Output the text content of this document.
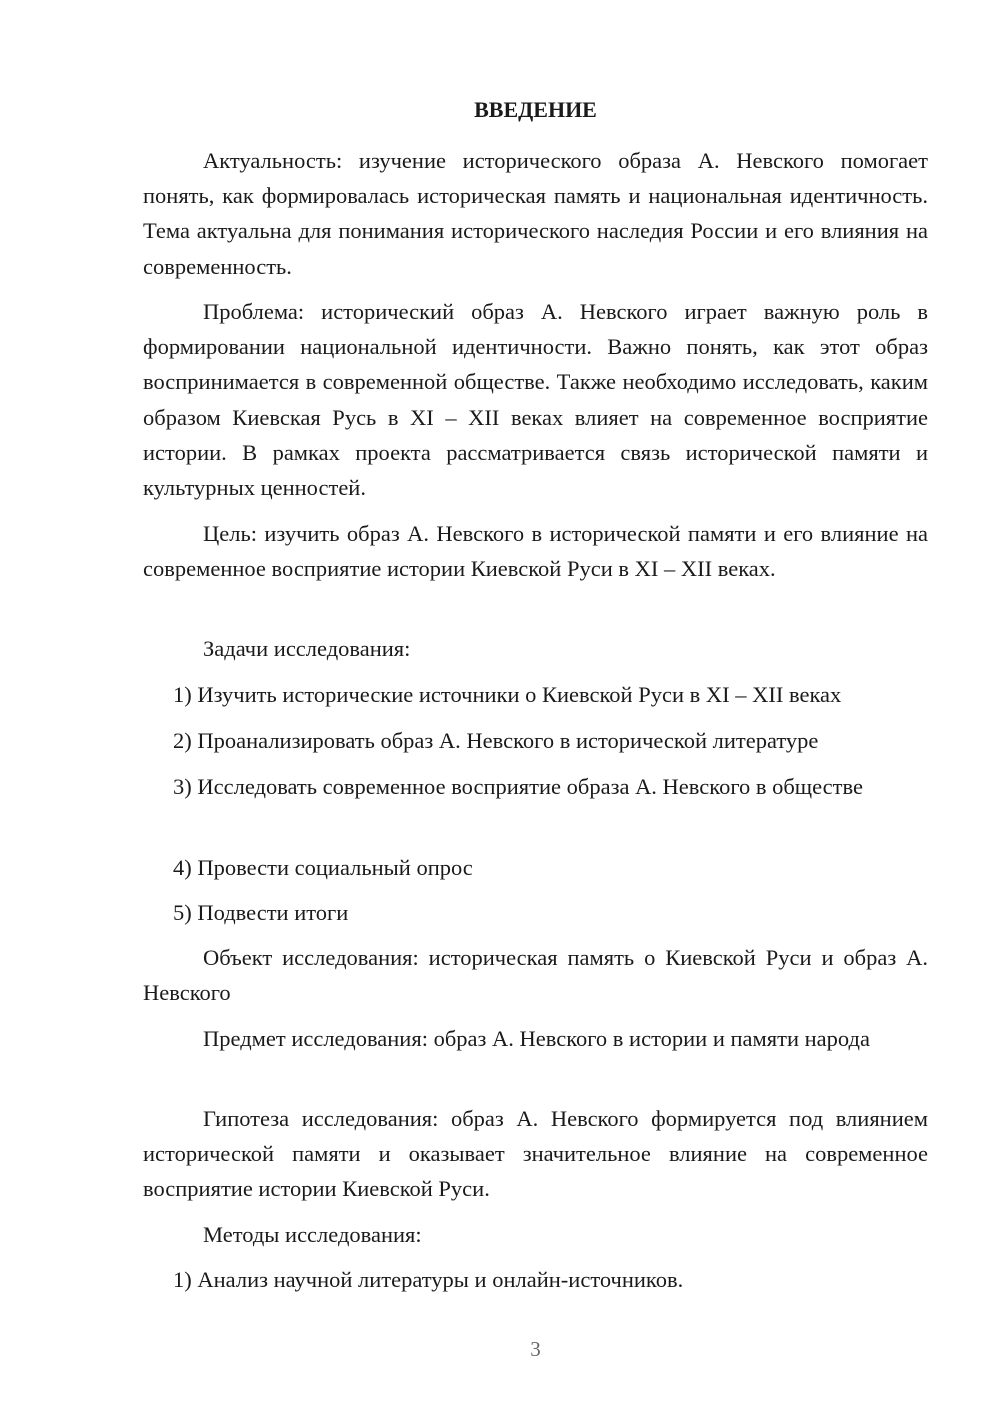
ВВЕДЕНИЕ

Актуальность: изучение исторического образа А. Невского помогает понять, как формировалась историческая память и национальная идентичность. Тема актуальна для понимания исторического наследия России и его влияния на современность.

Проблема: исторический образ А. Невского играет важную роль в формировании национальной идентичности. Важно понять, как этот образ воспринимается в современной обществе. Также необходимо исследовать, каким образом Киевская Русь в XI – XII веках влияет на современное восприятие истории. В рамках проекта рассматривается связь исторической памяти и культурных ценностей.

Цель: изучить образ А. Невского в исторической памяти и его влияние на современное восприятие истории Киевской Руси в XI – XII веках.

Задачи исследования:

1) Изучить исторические источники о Киевской Руси в XI – XII веках

2) Проанализировать образ А. Невского в исторической литературе

3) Исследовать современное восприятие образа А. Невского в обществе

4) Провести социальный опрос

5) Подвести итоги

Объект исследования: историческая память о Киевской Руси и образ А. Невского

Предмет исследования: образ А. Невского в истории и памяти народа

Гипотеза исследования: образ А. Невского формируется под влиянием исторической памяти и оказывает значительное влияние на современное восприятие истории Киевской Руси.

Методы исследования:

1) Анализ научной литературы и онлайн-источников.

3
